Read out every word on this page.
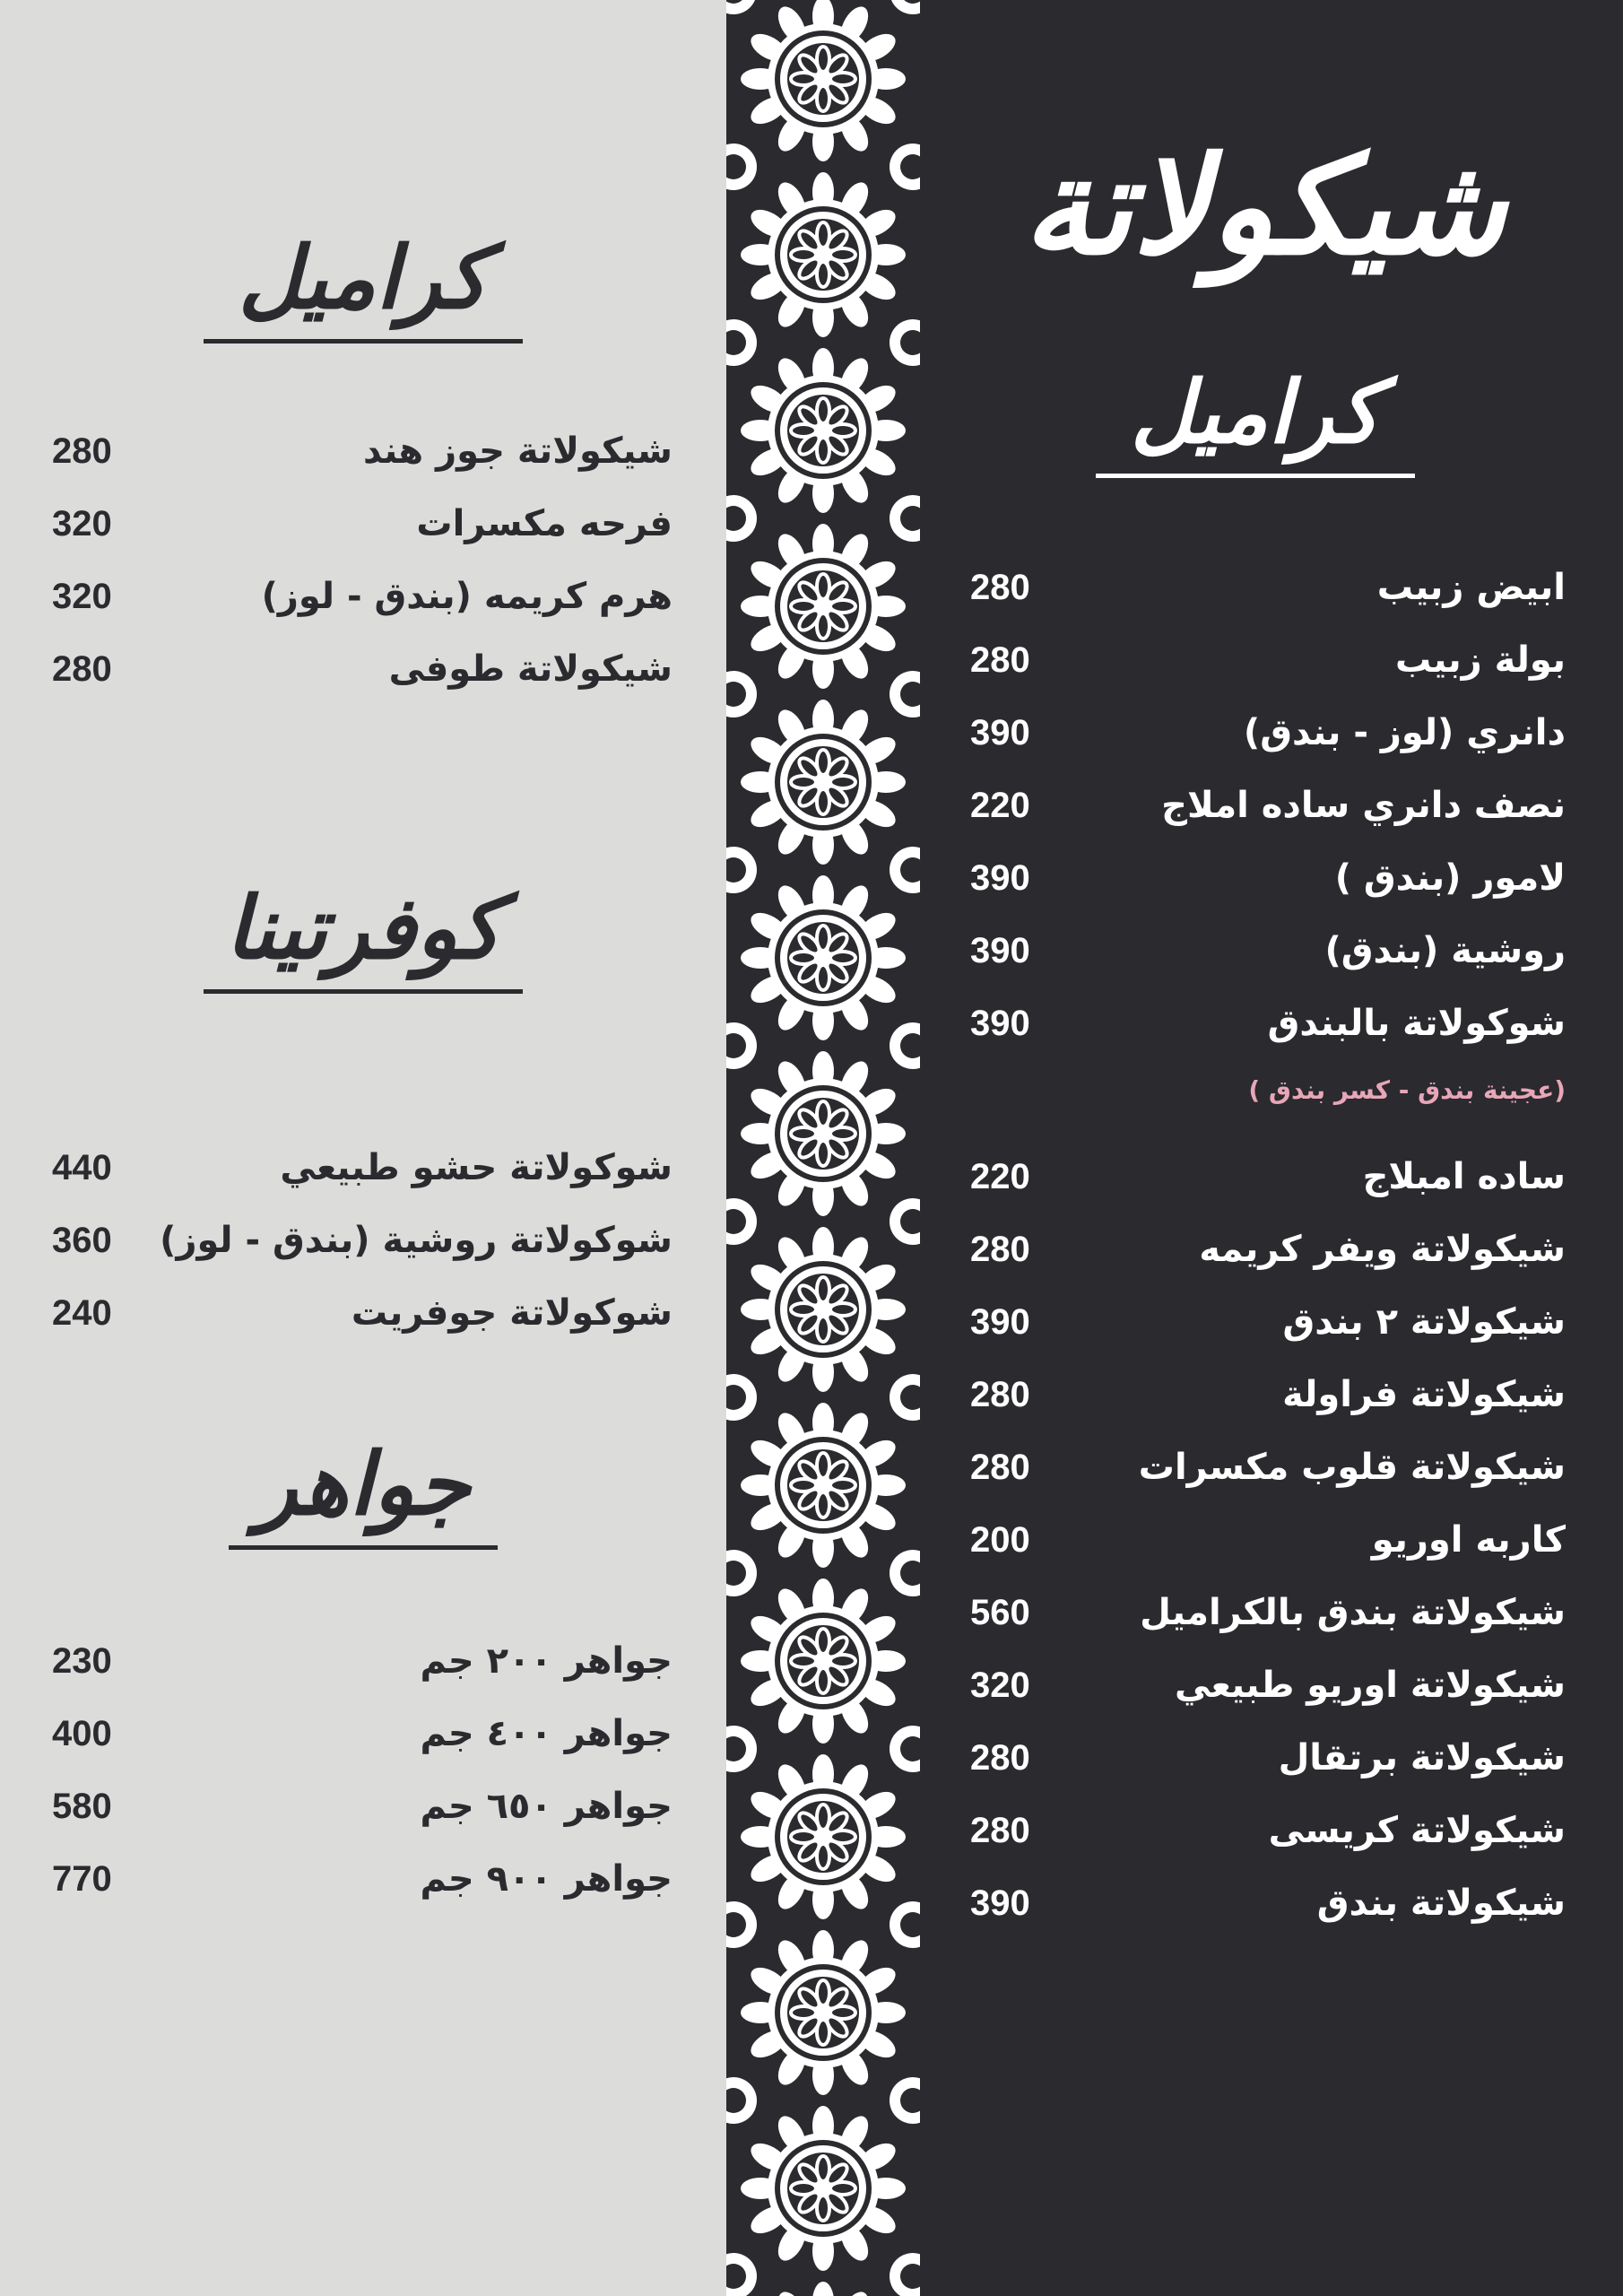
شيكولاتة
كراميل
كراميل
كوفرتينا
جواهر
280	ابيض زبيب
280	بولة زبيب
390	دانري (لوز - بندق)
220	نصف دانري ساده املاج
390	لامور (بندق )
390	روشية (بندق)
390	شوكولاتة بالبندق
(عجينة بندق - كسر بندق )
220	ساده امبلاج
280	شيكولاتة ويفر كريمه
390	شيكولاتة ٢ بندق
280	شيكولاتة فراولة
280	شيكولاتة قلوب مكسرات
200	كاربه اوريو
560	شيكولاتة بندق بالكراميل
320	شيكولاتة اوريو طبيعي
280	شيكولاتة برتقال
280	شيكولاتة كريسى
390	شيكولاتة بندق
280	شيكولاتة جوز هند
320	فرحه مكسرات
320	هرم كريمه (بندق - لوز)
280	شيكولاتة طوفى
440	شوكولاتة حشو طبيعي
360 شوكولاتة روشية (بندق - لوز)
240	شوكولاتة جوفريت
230	جواهر ٢٠٠ جم
400	جواهر ٤٠٠ جم
580	جواهر ٦٥٠ جم
770	جواهر ٩٠٠ جم
